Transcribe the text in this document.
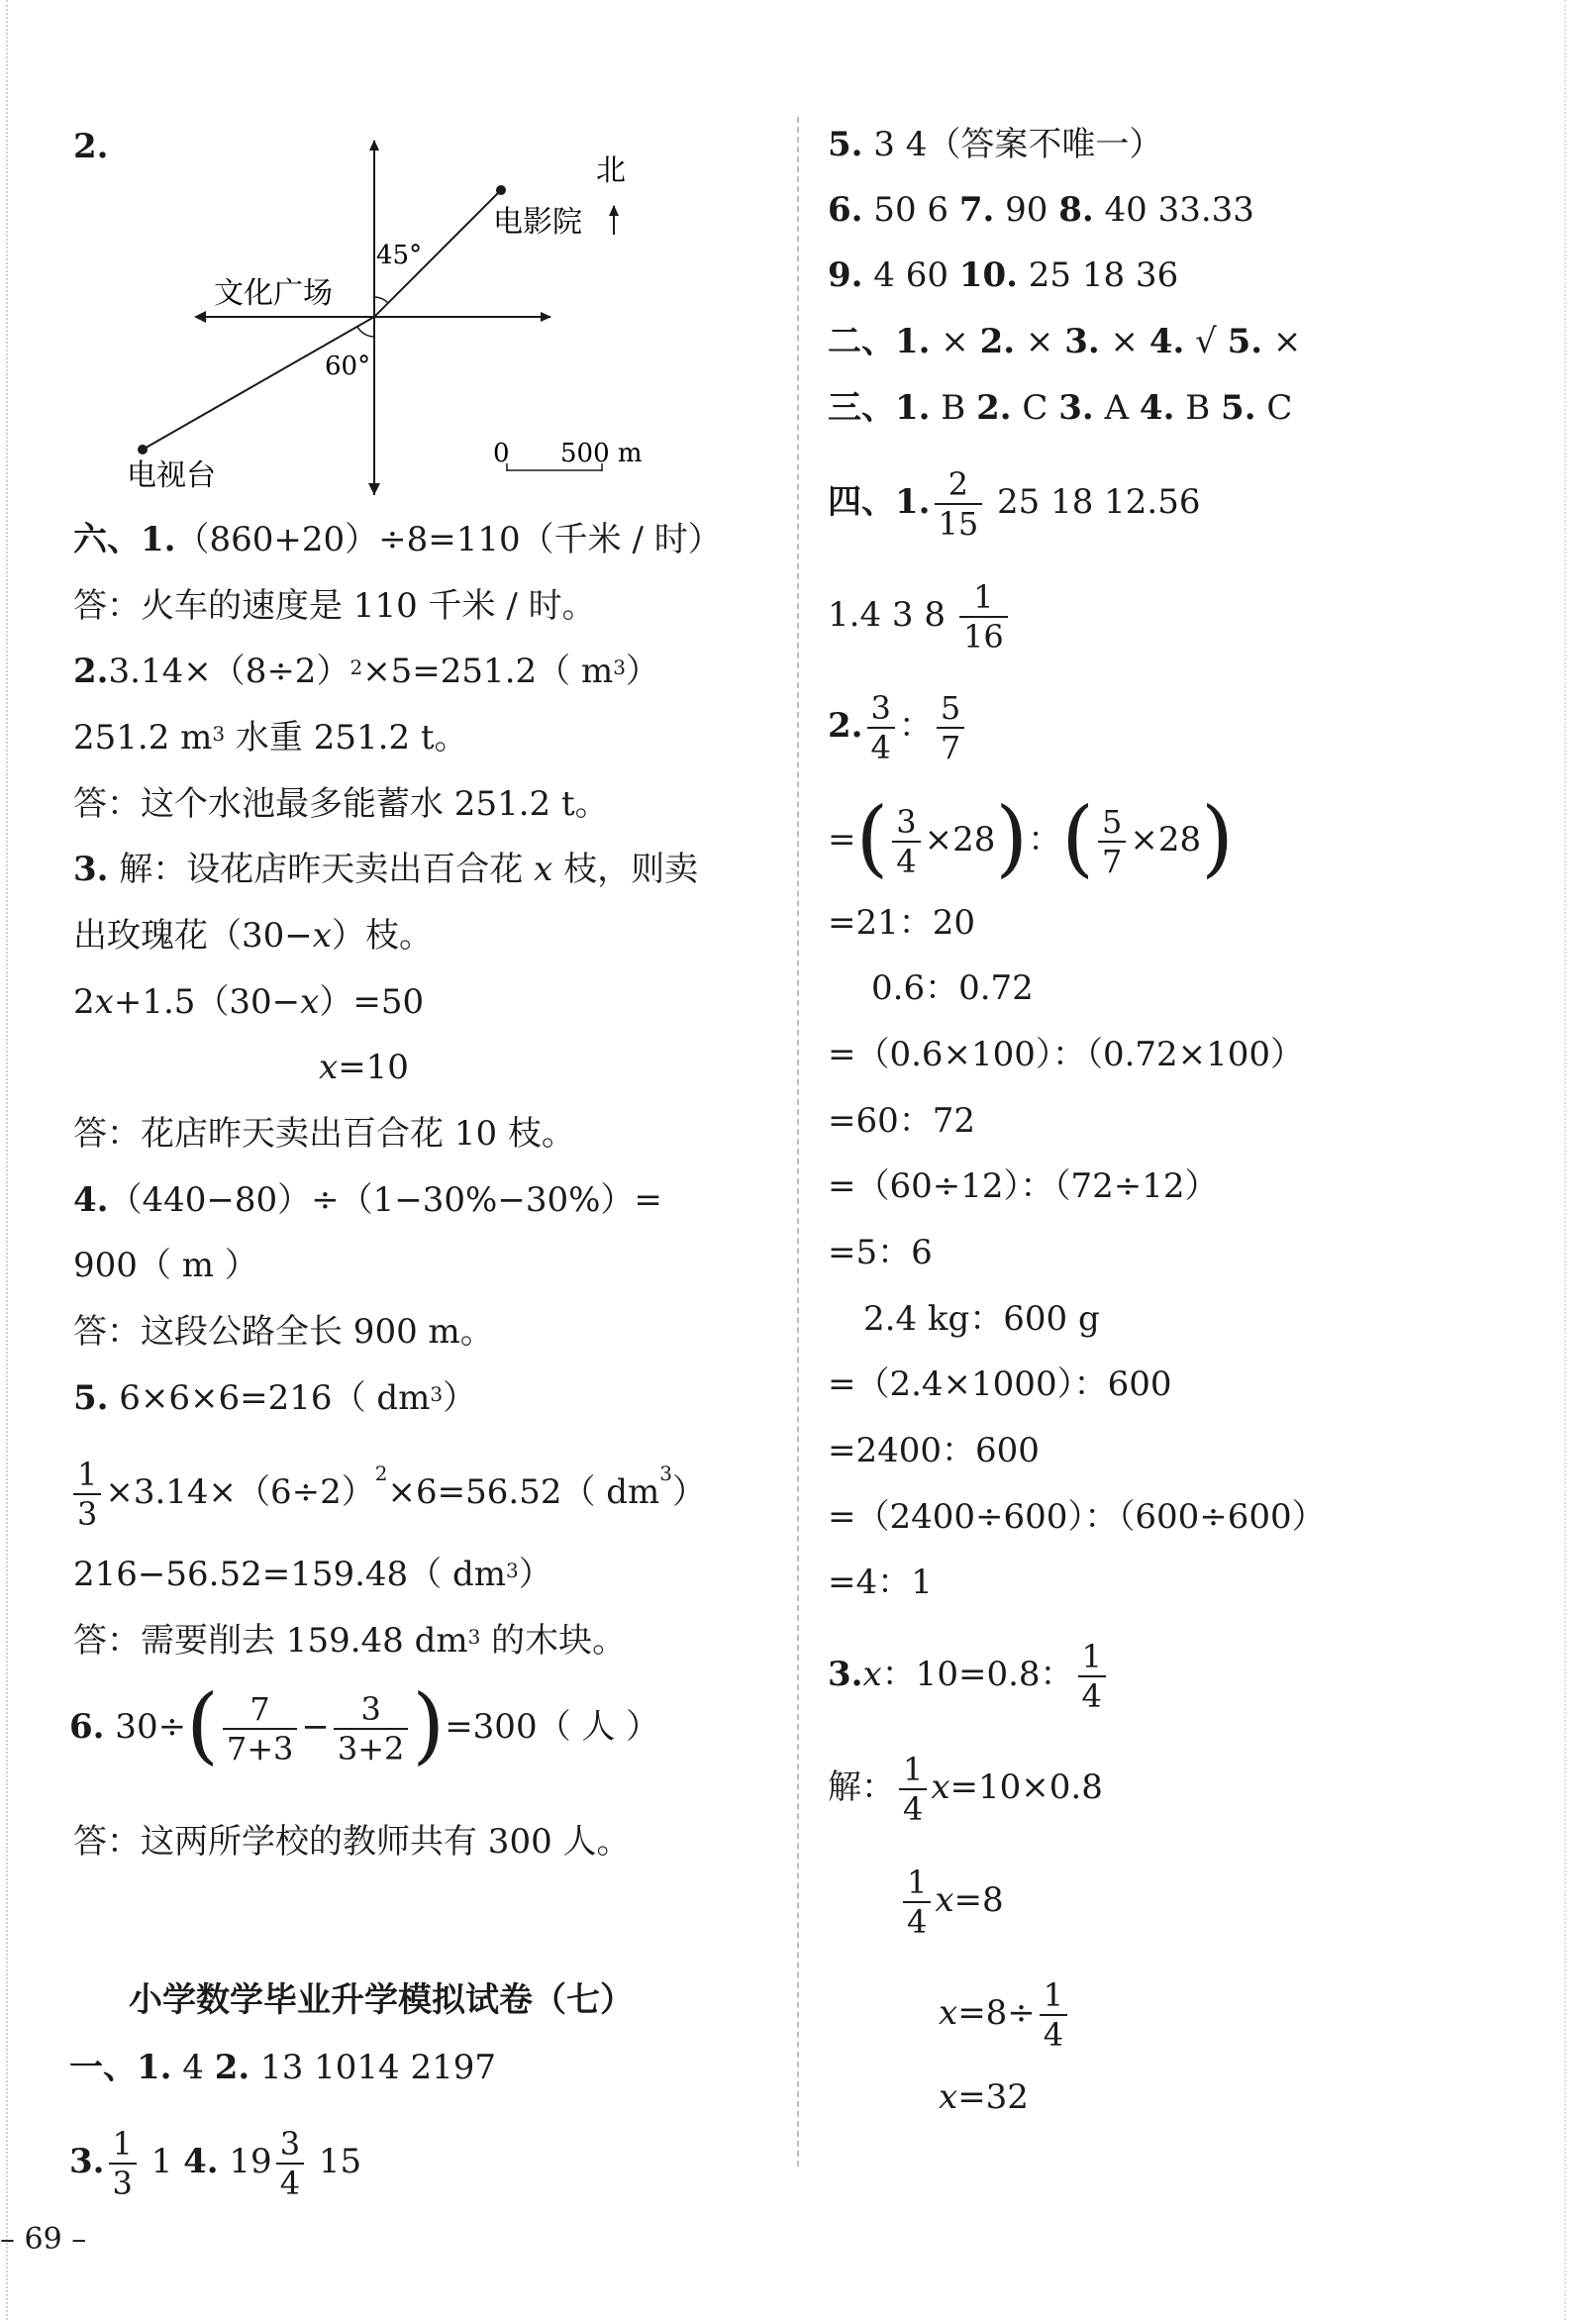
2.
北
电影院
45°
文化广场
60°
电视台
0 500 m
六、1.（860+20）÷8=110（千米 / 时）
答：火车的速度是 110 千米 / 时。
$2.3.14\times(8\div 2)^2\times 5=251.2$（ $m^3$）
251.2 $m^3$ 水重 251.2 t。
答：这个水池最多能蓄水 251.2 t。
3. 解：设花店昨天卖出百合花 x 枝，则卖
出玫瑰花（30−x）枝。
2x+1.5（30−x）=50
x=10
答：花店昨天卖出百合花 10 枝。
4.（440−80）÷（1−30%−30%）=
900（ m ）
答：这段公路全长 900 m。
5. 6×6×6=216（ $dm^3$）
$\frac{1}{3} \times 3.14\times(6\div 2)^2\times 6=56.52$（ $dm^3$）
216−56.52=159.48（ $dm^3$）
答：需要削去 159.48 $dm^3$ 的木块。
6. $30\div( \frac{7}{7+3} - \frac{3}{3+2} )=300$（ 人 ）
答：这两所学校的教师共有 300 人。
小学数学毕业升学模拟试卷（七）
一、1. 4 2. 13 1014 2197
3. $\frac{1}{3} 1$ 4. $19 \frac{3}{4} 15$
– 69 –
5. 3 4（答案不唯一）
6. 50 6 7. 90 8. 40 33.33
9. 4 60 10. 25 18 36
二、1. × 2. × 3. × 4. √ 5. ×
三、1. B 2. C 3. A 4. B 5. C
四、1. $\frac{2}{15} 25$ 18 12.56
1.4 3 $8 \frac{1}{16}$
2. $\frac{3}{4}$ ： $\frac{5}{7}$
=( $\frac{3}{4} \times 28$)：( $\frac{5}{7} \times 28$)
=21：20
0.6：0.72
=（0.6×100）：（0.72×100）
=60：72
=（60÷12）：（72÷12）
=5：6
2.4 kg：600 g
=（2.4×1000）：600
=2400：600
=（2400÷600）：（600÷600）
=4：1
3.x：10=0.8： $\frac{1}{4}$
解： $\frac{1}{4} x=10\times 0.8$
$\frac{1}{4} x=8$
$x=8\div \frac{1}{4}$
x=32
